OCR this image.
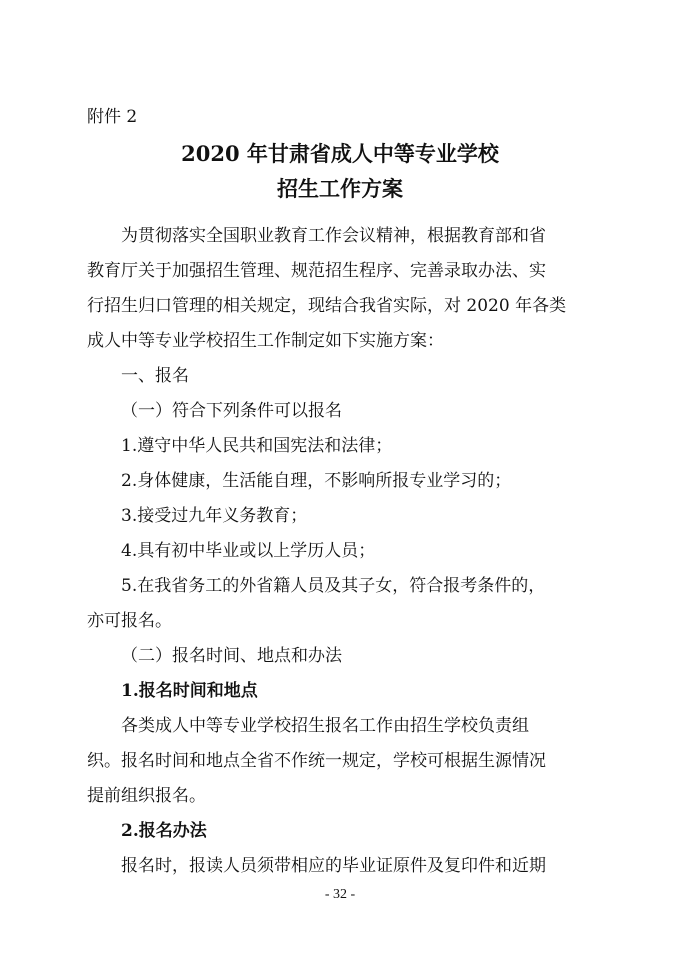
附件 2
2020 年甘肃省成人中等专业学校
招生工作方案
为贯彻落实全国职业教育工作会议精神，根据教育部和省
教育厅关于加强招生管理、规范招生程序、完善录取办法、实
行招生归口管理的相关规定，现结合我省实际，对 2020 年各类
成人中等专业学校招生工作制定如下实施方案：
一、报名
（一）符合下列条件可以报名
1.遵守中华人民共和国宪法和法律；
2.身体健康，生活能自理，不影响所报专业学习的；
3.接受过九年义务教育；
4.具有初中毕业或以上学历人员；
5.在我省务工的外省籍人员及其子女，符合报考条件的，
亦可报名。
（二）报名时间、地点和办法
1.报名时间和地点
各类成人中等专业学校招生报名工作由招生学校负责组
织。报名时间和地点全省不作统一规定，学校可根据生源情况
提前组织报名。
2.报名办法
报名时，报读人员须带相应的毕业证原件及复印件和近期
- 32 -
